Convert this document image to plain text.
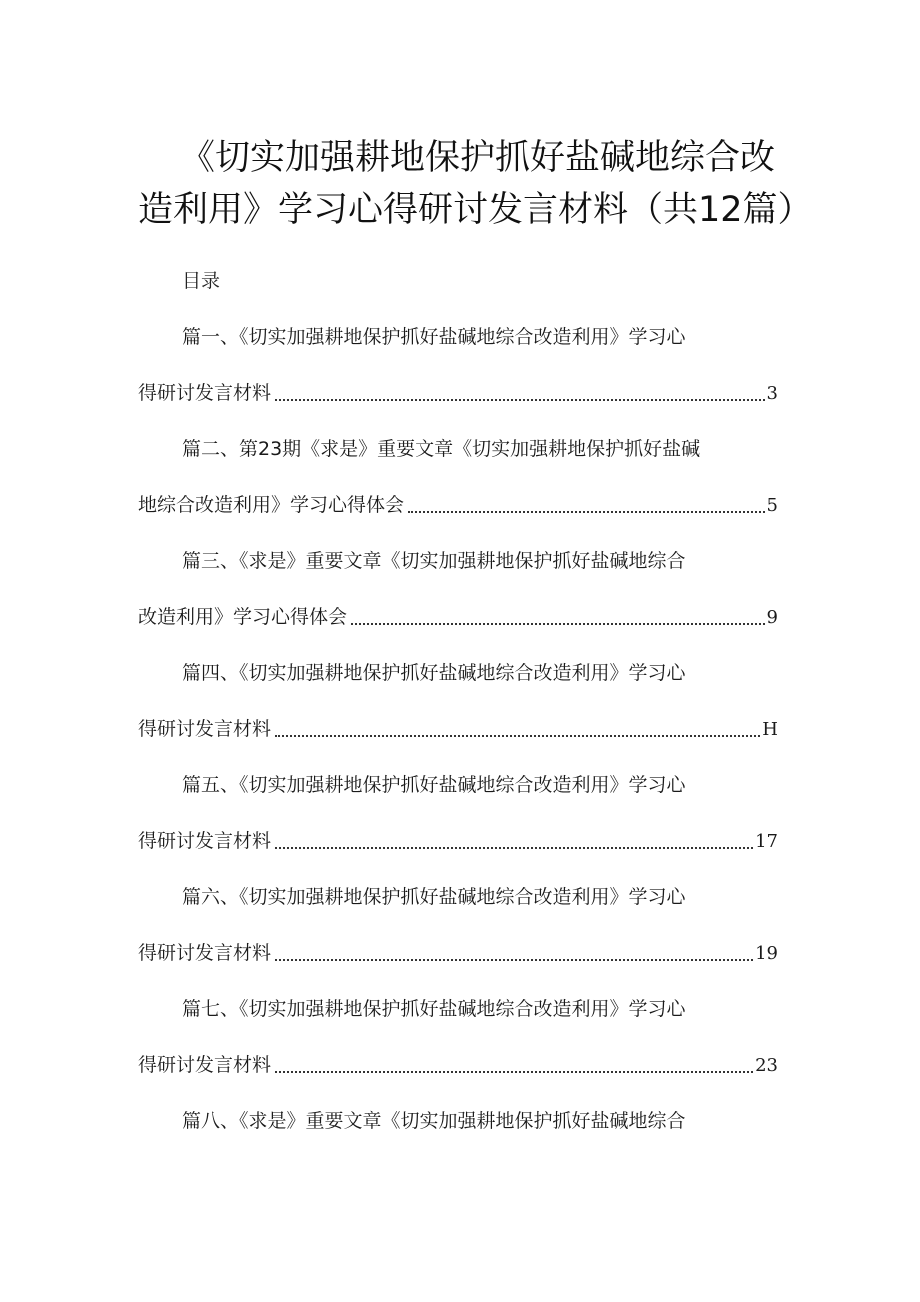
《切实加强耕地保护抓好盐碱地综合改造利用》学习心得研讨发言材料（共12篇）
目录
篇一、《切实加强耕地保护抓好盐碱地综合改造利用》学习心
得研讨发言材料	3
篇二、第23期《求是》重要文章《切实加强耕地保护抓好盐碱
地综合改造利用》学习心得体会	5
篇三、《求是》重要文章《切实加强耕地保护抓好盐碱地综合
改造利用》学习心得体会	9
篇四、《切实加强耕地保护抓好盐碱地综合改造利用》学习心
得研讨发言材料	H
篇五、《切实加强耕地保护抓好盐碱地综合改造利用》学习心
得研讨发言材料	17
篇六、《切实加强耕地保护抓好盐碱地综合改造利用》学习心
得研讨发言材料	19
篇七、《切实加强耕地保护抓好盐碱地综合改造利用》学习心
得研讨发言材料	23
篇八、《求是》重要文章《切实加强耕地保护抓好盐碱地综合
